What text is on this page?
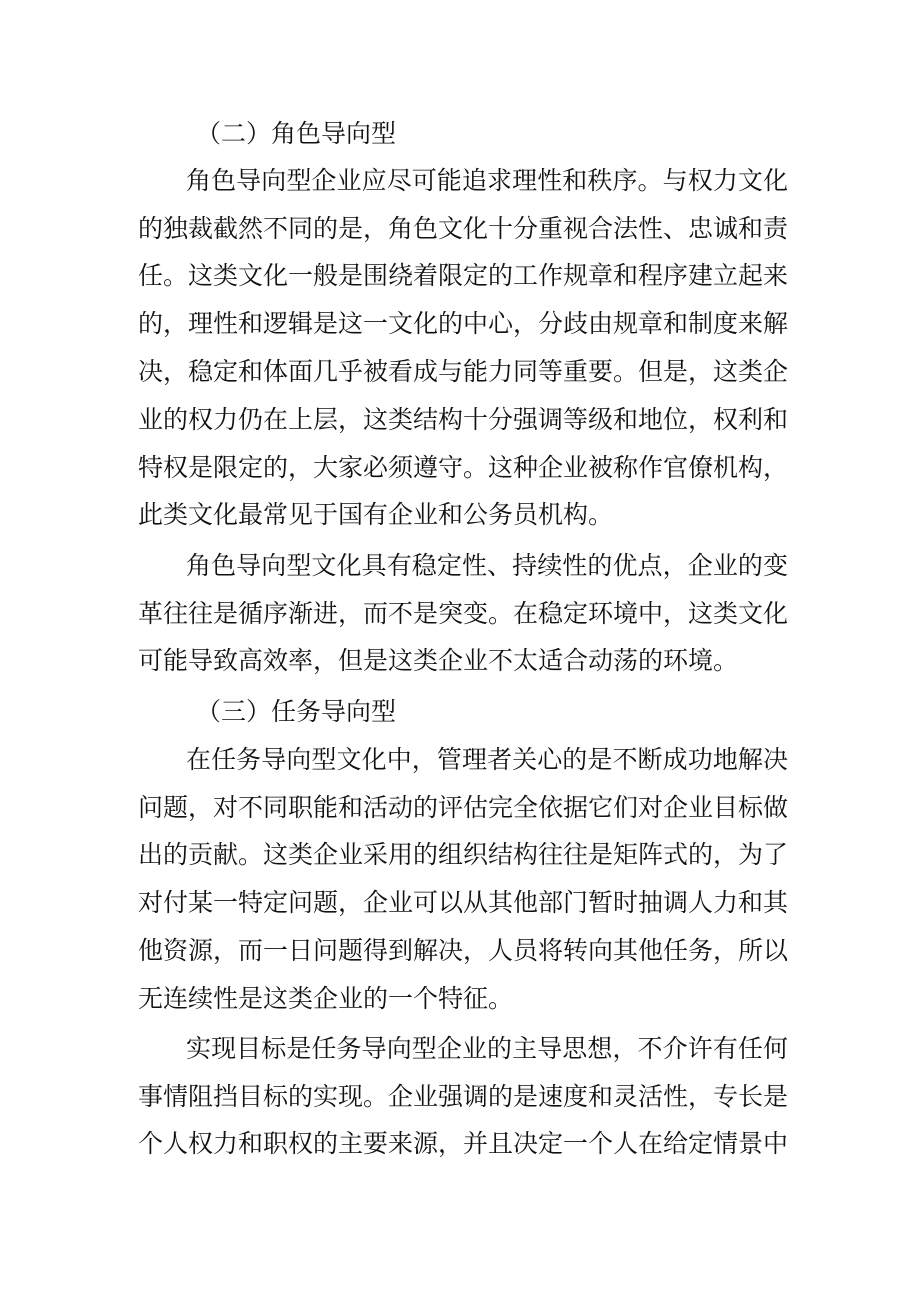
（二）角色导向型
角色导向型企业应尽可能追求理性和秩序。与权力文化
的独裁截然不同的是，角色文化十分重视合法性、忠诚和责
任。这类文化一般是围绕着限定的工作规章和程序建立起来
的，理性和逻辑是这一文化的中心，分歧由规章和制度来解
决，稳定和体面几乎被看成与能力同等重要。但是，这类企
业的权力仍在上层，这类结构十分强调等级和地位，权利和
特权是限定的，大家必须遵守。这种企业被称作官僚机构，
此类文化最常见于国有企业和公务员机构。
角色导向型文化具有稳定性、持续性的优点，企业的变
革往往是循序渐进，而不是突变。在稳定环境中，这类文化
可能导致高效率，但是这类企业不太适合动荡的环境。
（三）任务导向型
在任务导向型文化中，管理者关心的是不断成功地解决
问题，对不同职能和活动的评估完全依据它们对企业目标做
出的贡献。这类企业采用的组织结构往往是矩阵式的，为了
对付某一特定问题，企业可以从其他部门暂时抽调人力和其
他资源，而一日问题得到解决，人员将转向其他任务，所以
无连续性是这类企业的一个特征。
实现目标是任务导向型企业的主导思想，不介许有任何
事情阻挡目标的实现。企业强调的是速度和灵活性，专长是
个人权力和职权的主要来源，并且决定一个人在给定情景中
